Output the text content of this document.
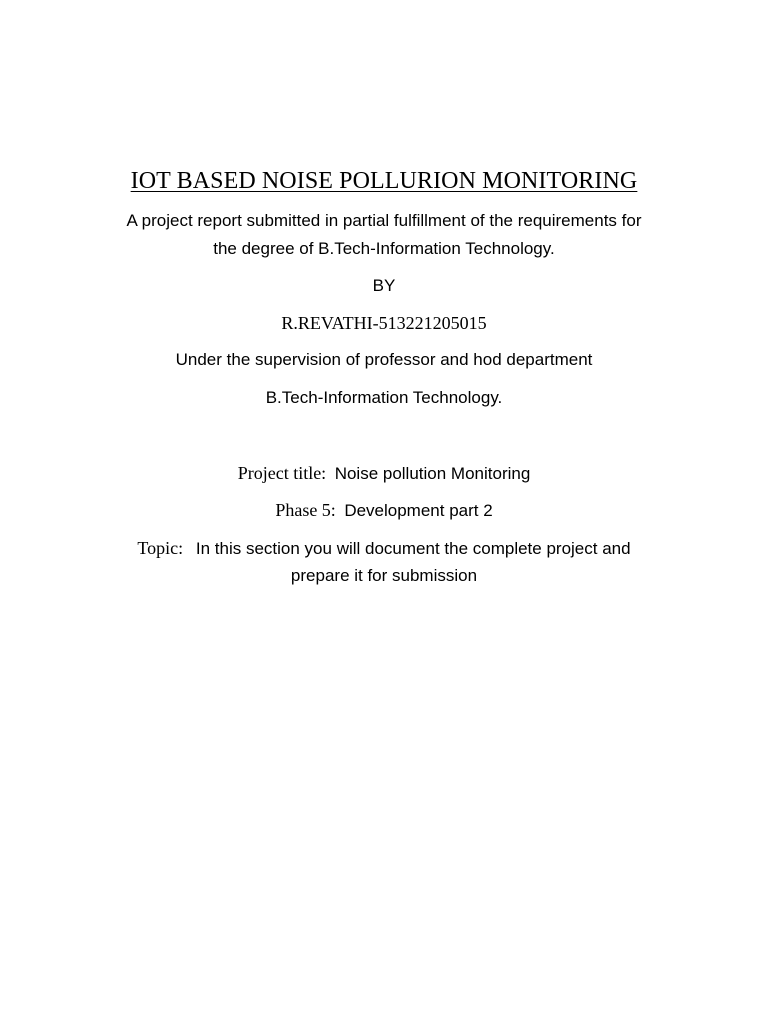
IOT BASED NOISE POLLURION MONITORING
A project report submitted in partial fulfillment of the requirements for
the degree of B.Tech-Information Technology.
BY
R.REVATHI-513221205015
Under the supervision of professor and hod department
B.Tech-Information Technology.
Project title: Noise pollution Monitoring
Phase 5: Development part 2
Topic: In this section you will document the complete project and
prepare it for submission
